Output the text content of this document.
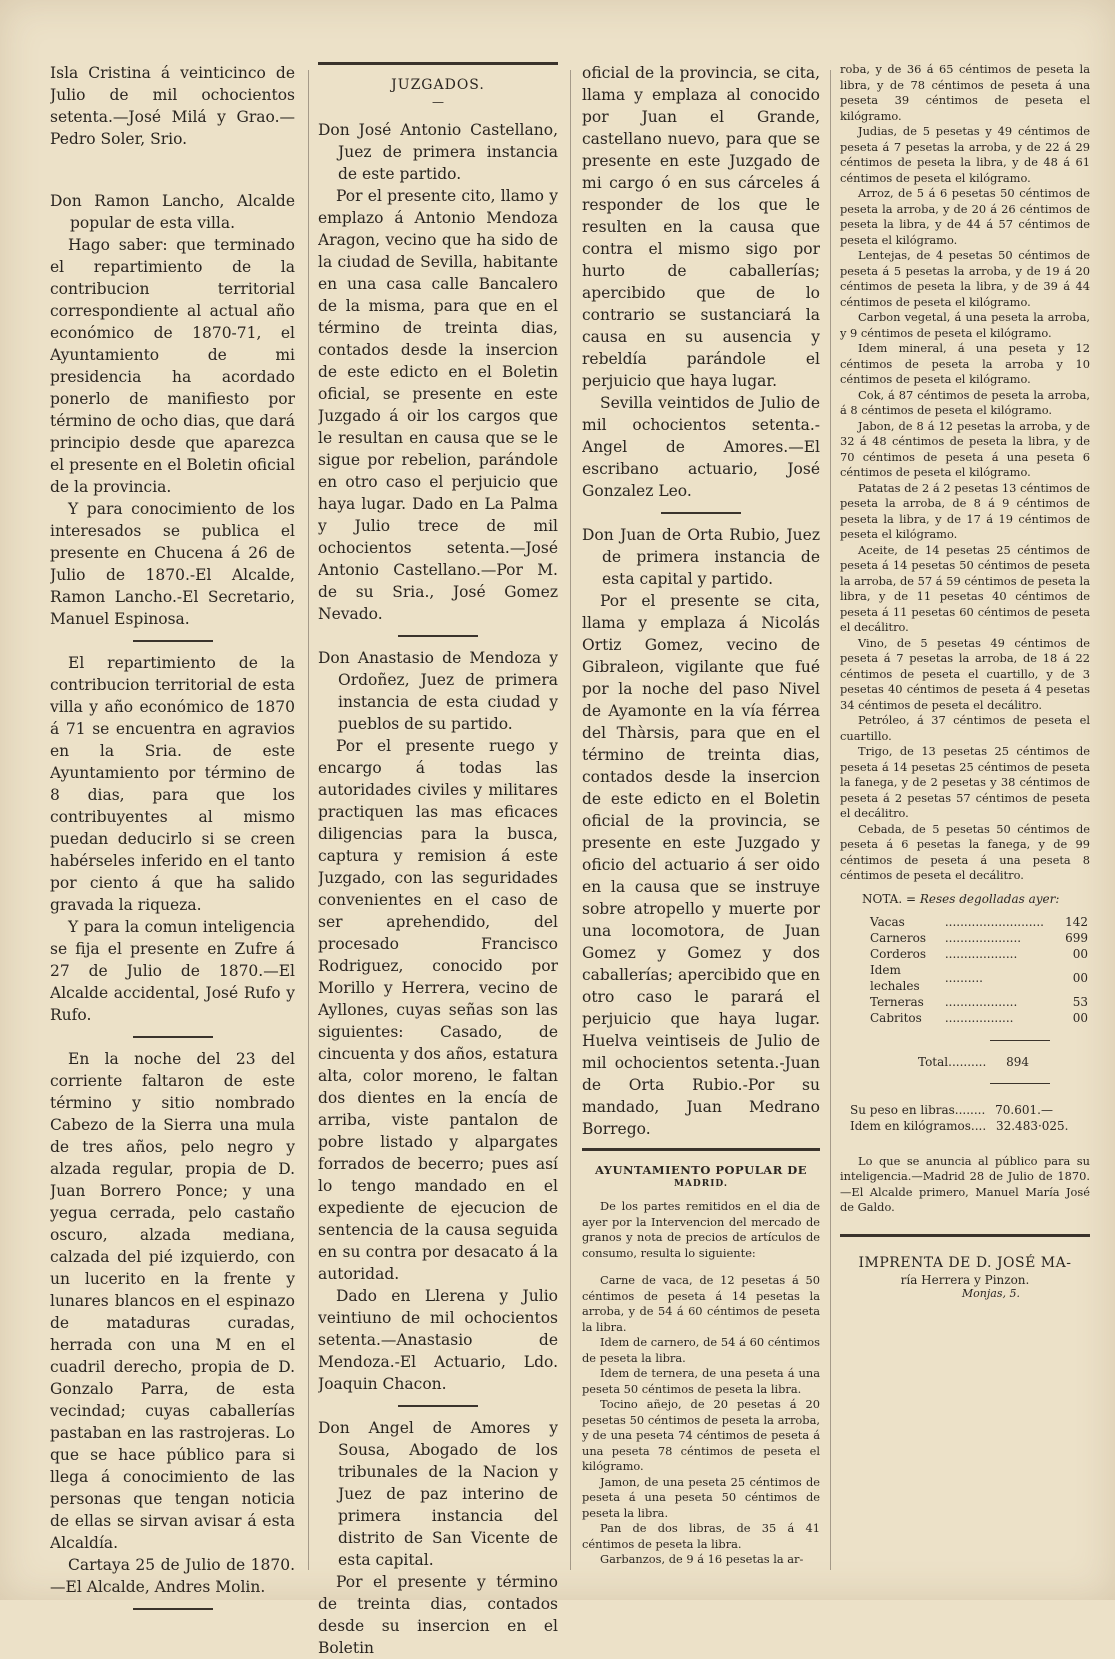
Isla Cristina á veinticinco de Julio de mil ochocientos setenta.—José Milá y Grao.—Pedro Soler, Srio.

Don Ramon Lancho, Alcalde popular de esta villa.

Hago saber: que terminado el repartimiento de la contribucion territorial correspondiente al actual año económico de 1870-71, el Ayuntamiento de mi presidencia ha acordado ponerlo de manifiesto por término de ocho dias, que dará principio desde que aparezca el presente en el Boletin oficial de la provincia.

Y para conocimiento de los interesados se publica el presente en Chucena á 26 de Julio de 1870.-El Alcalde, Ramon Lancho.-El Secretario, Manuel Espinosa.

El repartimiento de la contribucion territorial de esta villa y año económico de 1870 á 71 se encuentra en agravios en la Sria. de este Ayuntamiento por término de 8 dias, para que los contribuyentes al mismo puedan deducirlo si se creen habérseles inferido en el tanto por ciento á que ha salido gravada la riqueza.

Y para la comun inteligencia se fija el presente en Zufre á 27 de Julio de 1870.—El Alcalde accidental, José Rufo y Rufo.

En la noche del 23 del corriente faltaron de este término y sitio nombrado Cabezo de la Sierra una mula de tres años, pelo negro y alzada regular, propia de D. Juan Borrero Ponce; y una yegua cerrada, pelo castaño oscuro, alzada mediana, calzada del pié izquierdo, con un lucerito en la frente y lunares blancos en el espinazo de mataduras curadas, herrada con una M en el cuadril derecho, propia de D. Gonzalo Parra, de esta vecindad; cuyas caballerías pastaban en las rastrojeras. Lo que se hace público para si llega á conocimiento de las personas que tengan noticia de ellas se sirvan avisar á esta Alcaldía.

Cartaya 25 de Julio de 1870. —El Alcalde, Andres Molin.

JUZGADOS.
—

Don José Antonio Castellano, Juez de primera instancia de este partido.

Por el presente cito, llamo y emplazo á Antonio Mendoza Aragon, vecino que ha sido de la ciudad de Sevilla, habitante en una casa calle Bancalero de la misma, para que en el término de treinta dias, contados desde la insercion de este edicto en el Boletin oficial, se presente en este Juzgado á oir los cargos que le resultan en causa que se le sigue por rebelion, parándole en otro caso el perjuicio que haya lugar. Dado en La Palma y Julio trece de mil ochocientos setenta.—José Antonio Castellano.—Por M. de su Sria., José Gomez Nevado.

Don Anastasio de Mendoza y Ordoñez, Juez de primera instancia de esta ciudad y pueblos de su partido.

Por el presente ruego y encargo á todas las autoridades civiles y militares practiquen las mas eficaces diligencias para la busca, captura y remision á este Juzgado, con las seguridades convenientes en el caso de ser aprehendido, del procesado Francisco Rodriguez, conocido por Morillo y Herrera, vecino de Ayllones, cuyas señas son las siguientes: Casado, de cincuenta y dos años, estatura alta, color moreno, le faltan dos dientes en la encía de arriba, viste pantalon de pobre listado y alpargates forrados de becerro; pues así lo tengo mandado en el expediente de ejecucion de sentencia de la causa seguida en su contra por desacato á la autoridad.

Dado en Llerena y Julio veintiuno de mil ochocientos setenta.—Anastasio de Mendoza.-El Actuario, Ldo. Joaquin Chacon.

Don Angel de Amores y Sousa, Abogado de los tribunales de la Nacion y Juez de paz interino de primera instancia del distrito de San Vicente de esta capital.

Por el presente y término de treinta dias, contados desde su insercion en el Boletin

oficial de la provincia, se cita, llama y emplaza al conocido por Juan el Grande, castellano nuevo, para que se presente en este Juzgado de mi cargo ó en sus cárceles á responder de los que le resulten en la causa que contra el mismo sigo por hurto de caballerías; apercibido que de lo contrario se sustanciará la causa en su ausencia y rebeldía parándole el perjuicio que haya lugar.

Sevilla veintidos de Julio de mil ochocientos setenta.-Angel de Amores.—El escribano actuario, José Gonzalez Leo.

Don Juan de Orta Rubio, Juez de primera instancia de esta capital y partido.

Por el presente se cita, llama y emplaza á Nicolás Ortiz Gomez, vecino de Gibraleon, vigilante que fué por la noche del paso Nivel de Ayamonte en la vía férrea del Thàrsis, para que en el término de treinta dias, contados desde la insercion de este edicto en el Boletin oficial de la provincia, se presente en este Juzgado y oficio del actuario á ser oido en la causa que se instruye sobre atropello y muerte por una locomotora, de Juan Gomez y Gomez y dos caballerías; apercibido que en otro caso le parará el perjuicio que haya lugar. Huelva veintiseis de Julio de mil ochocientos setenta.-Juan de Orta Rubio.-Por su mandado, Juan Medrano Borrego.

AYUNTAMIENTO POPULAR DE
MADRID.

De los partes remitidos en el dia de ayer por la Intervencion del mercado de granos y nota de precios de artículos de consumo, resulta lo siguiente:

Carne de vaca, de 12 pesetas á 50 céntimos de peseta á 14 pesetas la arroba, y de 54 á 60 céntimos de peseta la libra.

Idem de carnero, de 54 á 60 céntimos de peseta la libra.

Idem de ternera, de una peseta á una peseta 50 céntimos de peseta la libra.

Tocino añejo, de 20 pesetas á 20 pesetas 50 céntimos de peseta la arroba, y de una peseta 74 céntimos de peseta á una peseta 78 céntimos de peseta el kilógramo.

Jamon, de una peseta 25 céntimos de peseta á una peseta 50 céntimos de peseta la libra.

Pan de dos libras, de 35 á 41 céntimos de peseta la libra.

Garbanzos, de 9 á 16 pesetas la ar-

roba, y de 36 á 65 céntimos de peseta la libra, y de 78 céntimos de peseta á una peseta 39 céntimos de peseta el kilógramo.

Judias, de 5 pesetas y 49 céntimos de peseta á 7 pesetas la arroba, y de 22 á 29 céntimos de peseta la libra, y de 48 á 61 céntimos de peseta el kilógramo.

Arroz, de 5 á 6 pesetas 50 céntimos de peseta la arroba, y de 20 á 26 céntimos de peseta la libra, y de 44 á 57 céntimos de peseta el kilógramo.

Lentejas, de 4 pesetas 50 céntimos de peseta á 5 pesetas la arroba, y de 19 á 20 céntimos de peseta la libra, y de 39 á 44 céntimos de peseta el kilógramo.

Carbon vegetal, á una peseta la arroba, y 9 céntimos de peseta el kilógramo.

Idem mineral, á una peseta y 12 céntimos de peseta la arroba y 10 céntimos de peseta el kilógramo.

Cok, á 87 céntimos de peseta la arroba, á 8 céntimos de peseta el kilógramo.

Jabon, de 8 á 12 pesetas la arroba, y de 32 á 48 céntimos de peseta la libra, y de 70 céntimos de peseta á una peseta 6 céntimos de peseta el kilógramo.

Patatas de 2 á 2 pesetas 13 céntimos de peseta la arroba, de 8 á 9 céntimos de peseta la libra, y de 17 á 19 céntimos de peseta el kilógramo.

Aceite, de 14 pesetas 25 céntimos de peseta á 14 pesetas 50 céntimos de peseta la arroba, de 57 á 59 céntimos de peseta la libra, y de 11 pesetas 40 céntimos de peseta á 11 pesetas 60 céntimos de peseta el decálitro.

Vino, de 5 pesetas 49 céntimos de peseta á 7 pesetas la arroba, de 18 á 22 céntimos de peseta el cuartillo, y de 3 pesetas 40 céntimos de peseta á 4 pesetas 34 céntimos de peseta el decálitro.

Petróleo, á 37 céntimos de peseta el cuartillo.

Trigo, de 13 pesetas 25 céntimos de peseta á 14 pesetas 25 céntimos de peseta la fanega, y de 2 pesetas y 38 céntimos de peseta á 2 pesetas 57 céntimos de peseta el decálitro.

Cebada, de 5 pesetas 50 céntimos de peseta á 6 pesetas la fanega, y de 99 céntimos de peseta á una peseta 8 céntimos de peseta el decálitro.

NOTA. = Reses degolladas ayer:
Vacas	..........................	142
Carneros	....................	699
Corderos	...................	00
Idem lechales	..........	00
Terneras	...................	53
Cabritos	..................	00
Total.......... 894
Su peso en libras........ 70.601.—
Idem en kilógramos.... 32.483·025.

Lo que se anuncia al público para su inteligencia.—Madrid 28 de Julio de 1870.—El Alcalde primero, Manuel María José de Galdo.

IMPRENTA DE D. JOSÉ MA-
ría Herrera y Pinzon.
Monjas, 5.
